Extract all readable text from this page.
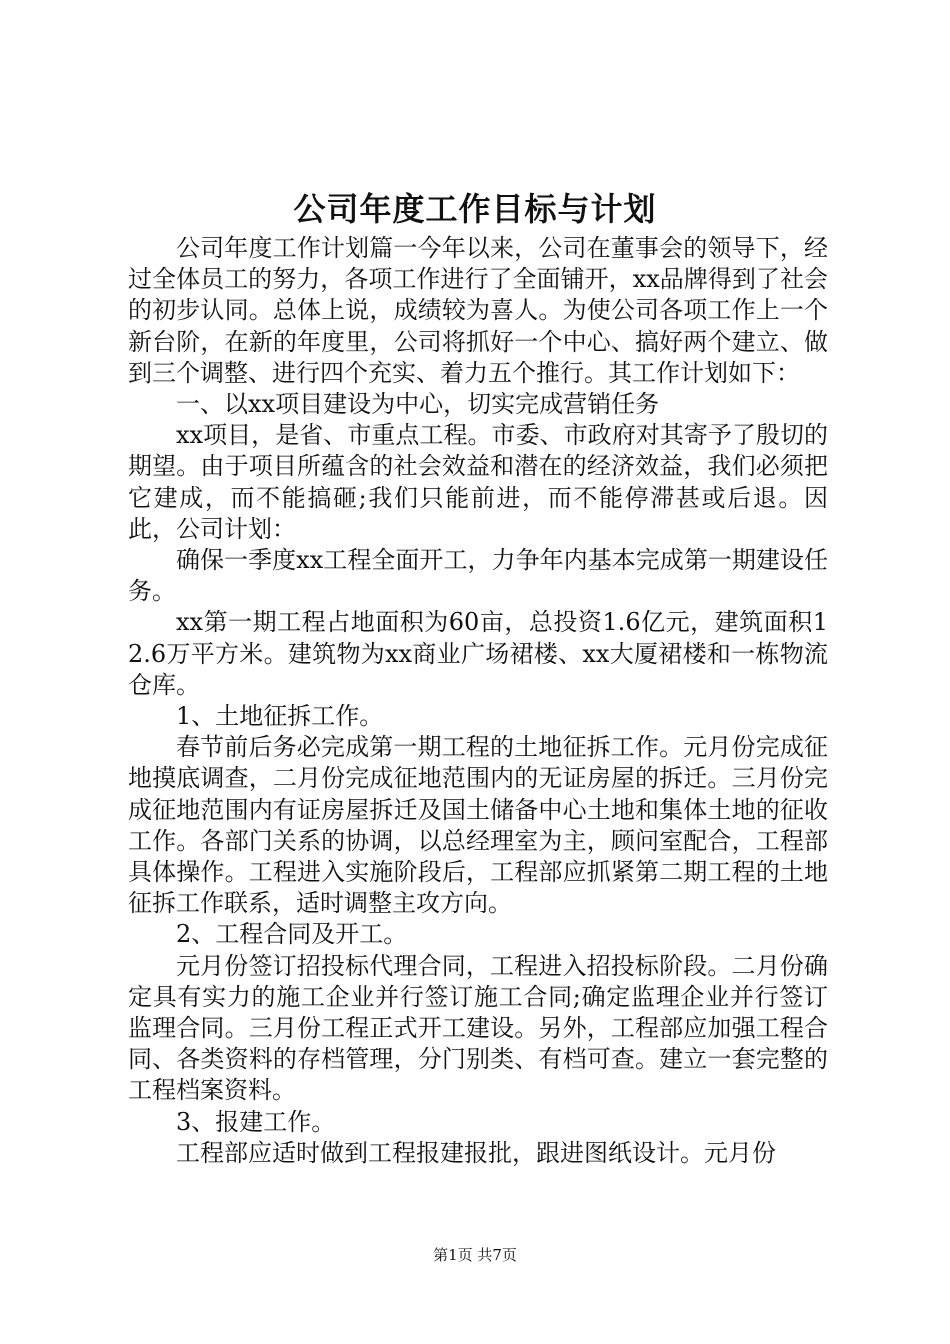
公司年度工作目标与计划

公司年度工作计划篇一今年以来，公司在董事会的领导下，经过全体员工的努力，各项工作进行了全面铺开，xx品牌得到了社会的初步认同。总体上说，成绩较为喜人。为使公司各项工作上一个新台阶，在新的年度里，公司将抓好一个中心、搞好两个建立、做到三个调整、进行四个充实、着力五个推行。其工作计划如下：

一、以xx项目建设为中心，切实完成营销任务

xx项目，是省、市重点工程。市委、市政府对其寄予了殷切的期望。由于项目所蕴含的社会效益和潜在的经济效益，我们必须把它建成，而不能搞砸;我们只能前进，而不能停滞甚或后退。因此，公司计划：

确保一季度xx工程全面开工，力争年内基本完成第一期建设任务。

xx第一期工程占地面积为60亩，总投资1.6亿元，建筑面积12.6万平方米。建筑物为xx商业广场裙楼、xx大厦裙楼和一栋物流仓库。

1、土地征拆工作。

春节前后务必完成第一期工程的土地征拆工作。元月份完成征地摸底调查，二月份完成征地范围内的无证房屋的拆迁。三月份完成征地范围内有证房屋拆迁及国土储备中心土地和集体土地的征收工作。各部门关系的协调，以总经理室为主，顾问室配合，工程部具体操作。工程进入实施阶段后，工程部应抓紧第二期工程的土地征拆工作联系，适时调整主攻方向。

2、工程合同及开工。

元月份签订招投标代理合同，工程进入招投标阶段。二月份确定具有实力的施工企业并行签订施工合同;确定监理企业并行签订监理合同。三月份工程正式开工建设。另外，工程部应加强工程合同、各类资料的存档管理，分门别类、有档可查。建立一套完整的工程档案资料。

3、报建工作。

工程部应适时做到工程报建报批，跟进图纸设计。元月份

第1页 共7页
